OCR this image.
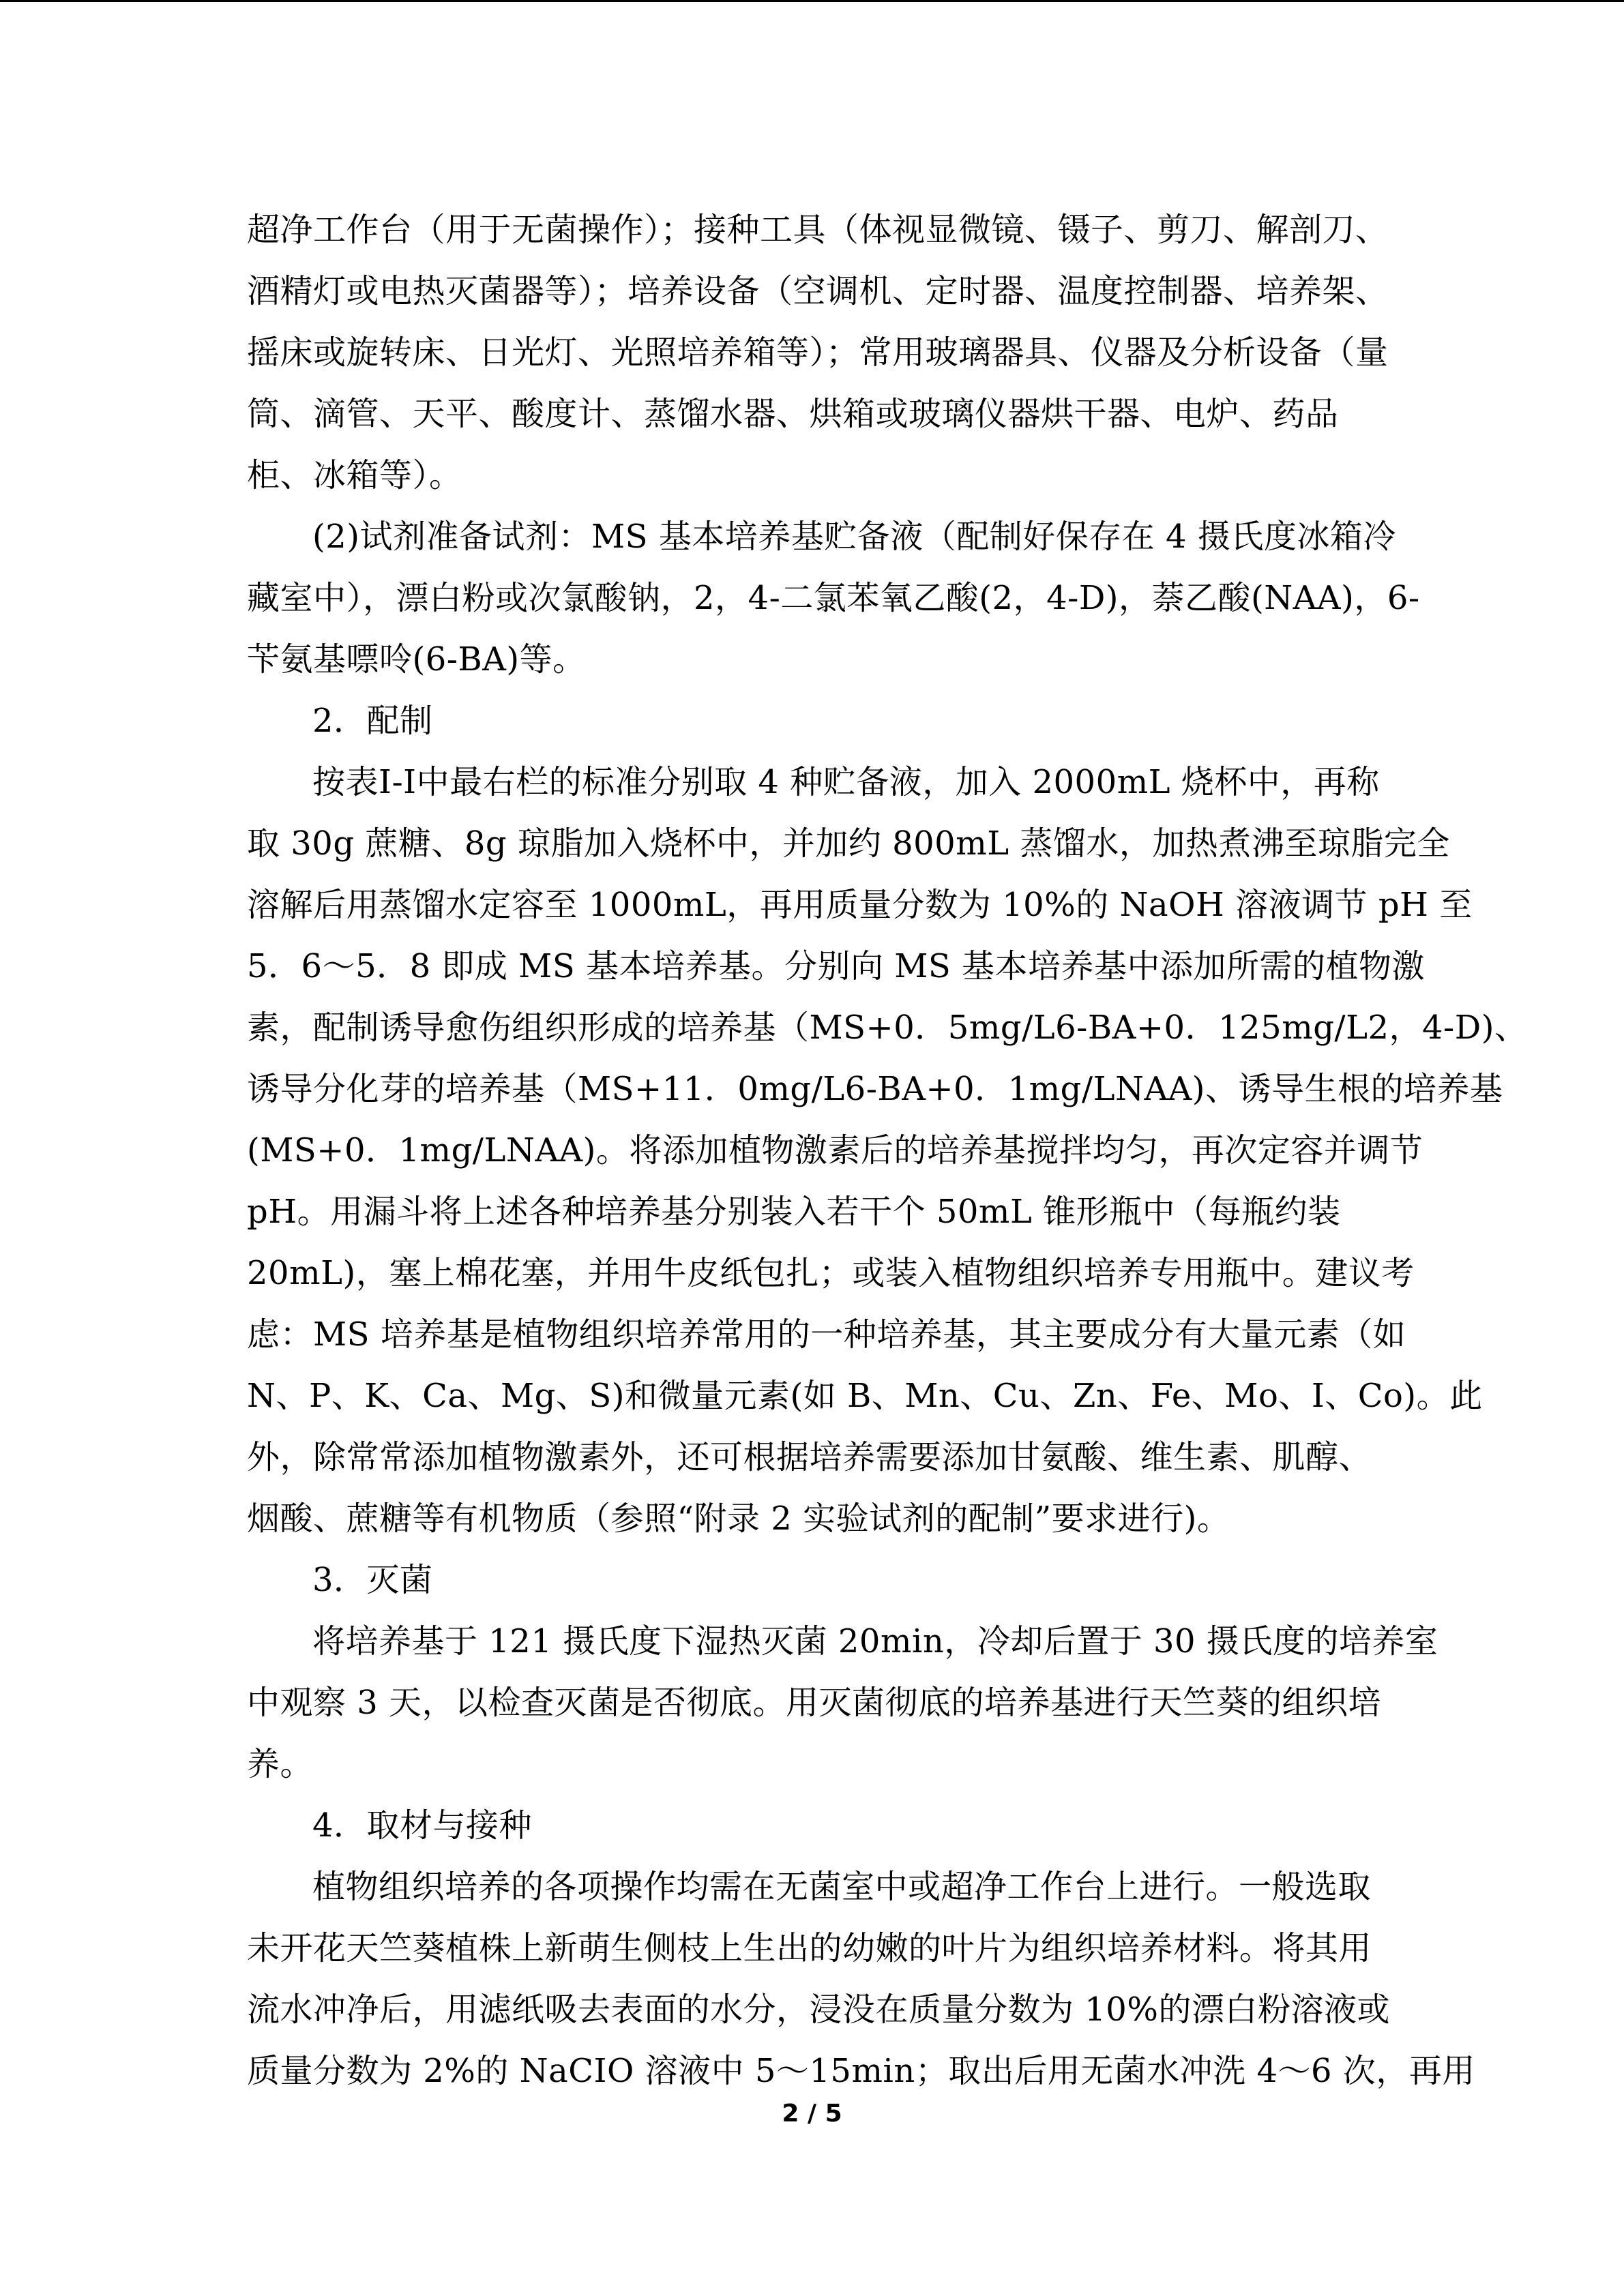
超净工作台（用于无菌操作）；接种工具（体视显微镜、镊子、剪刀、解剖刀、
酒精灯或电热灭菌器等）；培养设备（空调机、定时器、温度控制器、培养架、
摇床或旋转床、日光灯、光照培养箱等）；常用玻璃器具、仪器及分析设备（量
筒、滴管、天平、酸度计、蒸馏水器、烘箱或玻璃仪器烘干器、电炉、药品
柜、冰箱等）。
(2)试剂准备试剂：MS 基本培养基贮备液（配制好保存在 4 摄氏度冰箱冷
藏室中），漂白粉或次氯酸钠，2，4-二氯苯氧乙酸(2，4-D)，萘乙酸(NAA)，6-
苄氨基嘌呤(6-BA)等。
2．配制
按表Ⅰ-Ⅰ中最右栏的标准分别取 4 种贮备液，加入 2000mL 烧杯中，再称
取 30g 蔗糖、8g 琼脂加入烧杯中，并加约 800mL 蒸馏水，加热煮沸至琼脂完全
溶解后用蒸馏水定容至 1000mL，再用质量分数为 10%的 NaOH 溶液调节 pH 至
5．6～5．8 即成 MS 基本培养基。分别向 MS 基本培养基中添加所需的植物激
素，配制诱导愈伤组织形成的培养基（MS+0．5mg/L6-BA+0．125mg/L2，4-D)、
诱导分化芽的培养基（MS+11．0mg/L6-BA+0．1mg/LNAA)、诱导生根的培养基
(MS+0．1mg/LNAA)。将添加植物激素后的培养基搅拌均匀，再次定容并调节
pH。用漏斗将上述各种培养基分别装入若干个 50mL 锥形瓶中（每瓶约装
20mL)，塞上棉花塞，并用牛皮纸包扎；或装入植物组织培养专用瓶中。建议考
虑：MS 培养基是植物组织培养常用的一种培养基，其主要成分有大量元素（如
N、P、K、Ca、Mg、S)和微量元素(如 B、Mn、Cu、Zn、Fe、Mo、I、Co)。此
外，除常常添加植物激素外，还可根据培养需要添加甘氨酸、维生素、肌醇、
烟酸、蔗糖等有机物质（参照“附录 2 实验试剂的配制”要求进行)。
3．灭菌
将培养基于 121 摄氏度下湿热灭菌 20min，冷却后置于 30 摄氏度的培养室
中观察 3 天，以检查灭菌是否彻底。用灭菌彻底的培养基进行天竺葵的组织培
养。
4．取材与接种
植物组织培养的各项操作均需在无菌室中或超净工作台上进行。一般选取
未开花天竺葵植株上新萌生侧枝上生出的幼嫩的叶片为组织培养材料。将其用
流水冲净后，用滤纸吸去表面的水分，浸没在质量分数为 10%的漂白粉溶液或
质量分数为 2%的 NaCIO 溶液中 5～15min；取出后用无菌水冲洗 4～6 次，再用
2 / 5
